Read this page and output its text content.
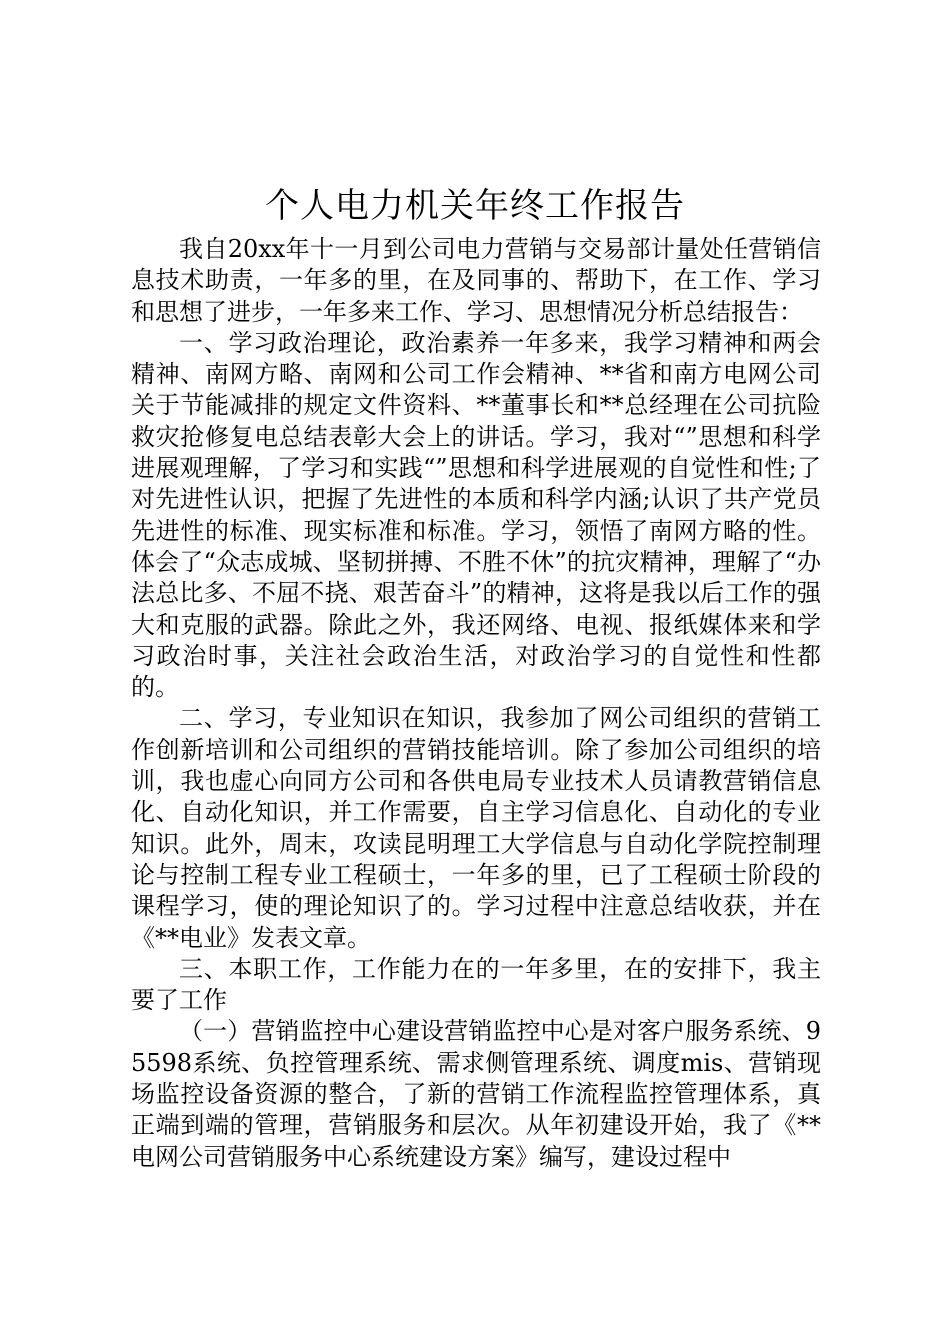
个人电力机关年终工作报告

我自20xx年十一月到公司电力营销与交易部计量处任营销信息技术助责，一年多的里，在及同事的、帮助下，在工作、学习和思想了进步，一年多来工作、学习、思想情况分析总结报告：

一、学习政治理论，政治素养一年多来，我学习精神和两会精神、南网方略、南网和公司工作会精神、**省和南方电网公司关于节能减排的规定文件资料、**董事长和**总经理在公司抗险救灾抢修复电总结表彰大会上的讲话。学习，我对“”思想和科学进展观理解，了学习和实践“”思想和科学进展观的自觉性和性;了对先进性认识，把握了先进性的本质和科学内涵;认识了共产党员先进性的标准、现实标准和标准。学习，领悟了南网方略的性。体会了“众志成城、坚韧拼搏、不胜不休”的抗灾精神，理解了“办法总比多、不屈不挠、艰苦奋斗”的精神，这将是我以后工作的强大和克服的武器。除此之外，我还网络、电视、报纸媒体来和学习政治时事，关注社会政治生活，对政治学习的自觉性和性都的。

二、学习，专业知识在知识，我参加了网公司组织的营销工作创新培训和公司组织的营销技能培训。除了参加公司组织的培训，我也虚心向同方公司和各供电局专业技术人员请教营销信息化、自动化知识，并工作需要，自主学习信息化、自动化的专业知识。此外，周末，攻读昆明理工大学信息与自动化学院控制理论与控制工程专业工程硕士，一年多的里，已了工程硕士阶段的课程学习，使的理论知识了的。学习过程中注意总结收获，并在《**电业》发表文章。

三、本职工作，工作能力在的一年多里，在的安排下，我主要了工作

（一）营销监控中心建设营销监控中心是对客户服务系统、95598系统、负控管理系统、需求侧管理系统、调度mis、营销现场监控设备资源的整合，了新的营销工作流程监控管理体系，真正端到端的管理，营销服务和层次。从年初建设开始，我了《**电网公司营销服务中心系统建设方案》编写，建设过程中
